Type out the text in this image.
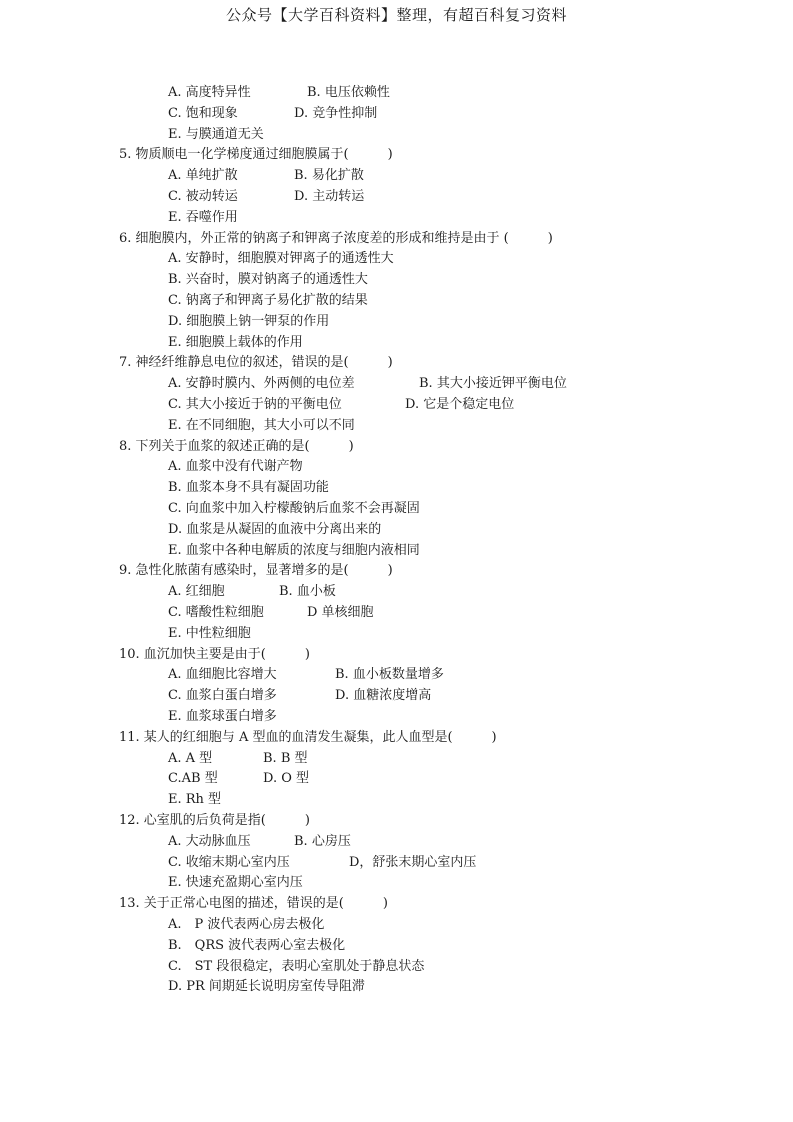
公众号【大学百科资料】整理，有超百科复习资料
A. 高度特异性	B. 电压依赖性
C. 饱和现象	D. 竞争性抑制
E. 与膜通道无关
5. 物质顺电一化学梯度通过细胞膜属于(　　　)
A. 单纯扩散	B. 易化扩散
C. 被动转运	D. 主动转运
E. 吞噬作用
6. 细胞膜内，外正常的钠离子和钾离子浓度差的形成和维持是由于 (　　　)
A. 安静时，细胞膜对钾离子的通透性大
B. 兴奋时，膜对钠离子的通透性大
C. 钠离子和钾离子易化扩散的结果
D. 细胞膜上钠一钾泵的作用
E. 细胞膜上载体的作用
7. 神经纤维静息电位的叙述，错误的是(　　　)
A. 安静时膜内、外两侧的电位差	B. 其大小接近钾平衡电位
C. 其大小接近于钠的平衡电位	D. 它是个稳定电位
E. 在不同细胞，其大小可以不同
8. 下列关于血浆的叙述正确的是(　　　)
A. 血浆中没有代谢产物
B. 血浆本身不具有凝固功能
C. 向血浆中加入柠檬酸钠后血浆不会再凝固
D. 血浆是从凝固的血液中分离出来的
E. 血浆中各种电解质的浓度与细胞内液相同
9. 急性化脓菌有感染时，显著增多的是(　　　)
A. 红细胞	B. 血小板
C. 嗜酸性粒细胞	D 单核细胞
E. 中性粒细胞
10. 血沉加快主要是由于(　　　)
A. 血细胞比容增大	B. 血小板数量增多
C. 血浆白蛋白增多	D. 血糖浓度增高
E. 血浆球蛋白增多
11. 某人的红细胞与 A 型血的血清发生凝集，此人血型是(　　　)
A. A 型	B. B 型
C.AB 型	D. O 型
E. Rh 型
12. 心室肌的后负荷是指(　　　)
A. 大动脉血压	B. 心房压
C. 收缩末期心室内压	D，舒张末期心室内压
E. 快速充盈期心室内压
13. 关于正常心电图的描述，错误的是(　　　)
A.　P 波代表两心房去极化
B.　QRS 波代表两心室去极化
C.　ST 段很稳定，表明心室肌处于静息状态
D. PR 间期延长说明房室传导阻滞
